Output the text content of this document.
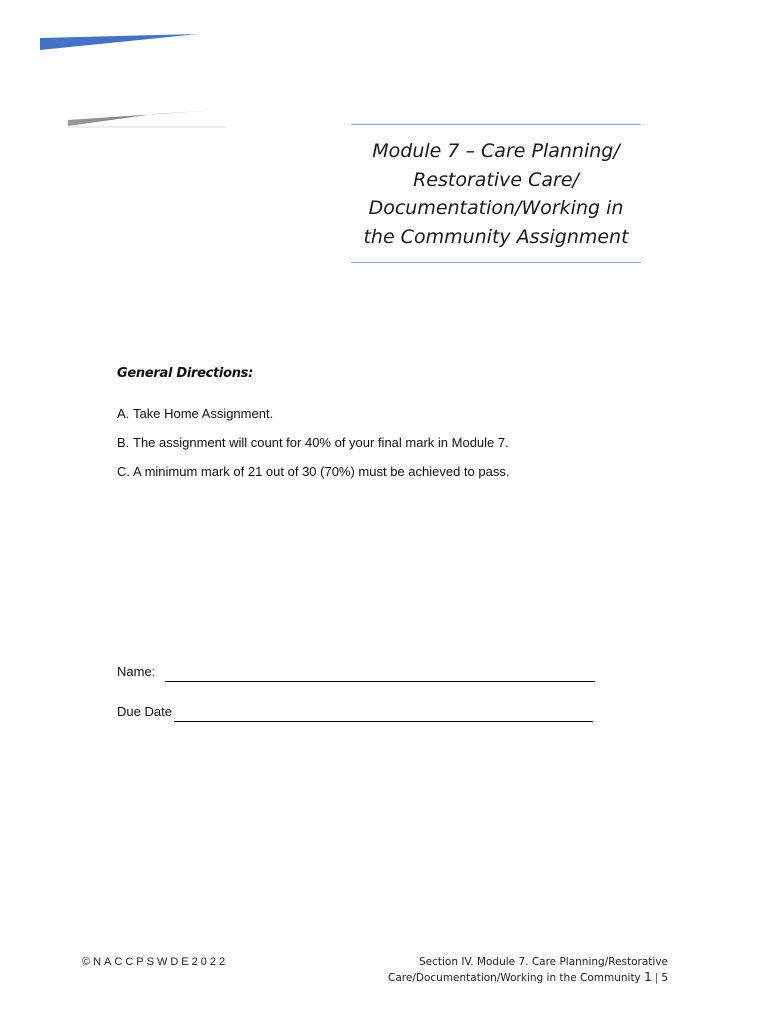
Module 7 – Care Planning/
Restorative Care/
Documentation/Working in
the Community Assignment
General Directions:
A. Take Home Assignment.
B. The assignment will count for 40% of your final mark in Module 7.
C. A minimum mark of 21 out of 30 (70%) must be achieved to pass.
Name:
Due Date
©NACCPSWDE2022	Section IV. Module 7. Care Planning/Restorative
Care/Documentation/Working in the Community 1 | 5
